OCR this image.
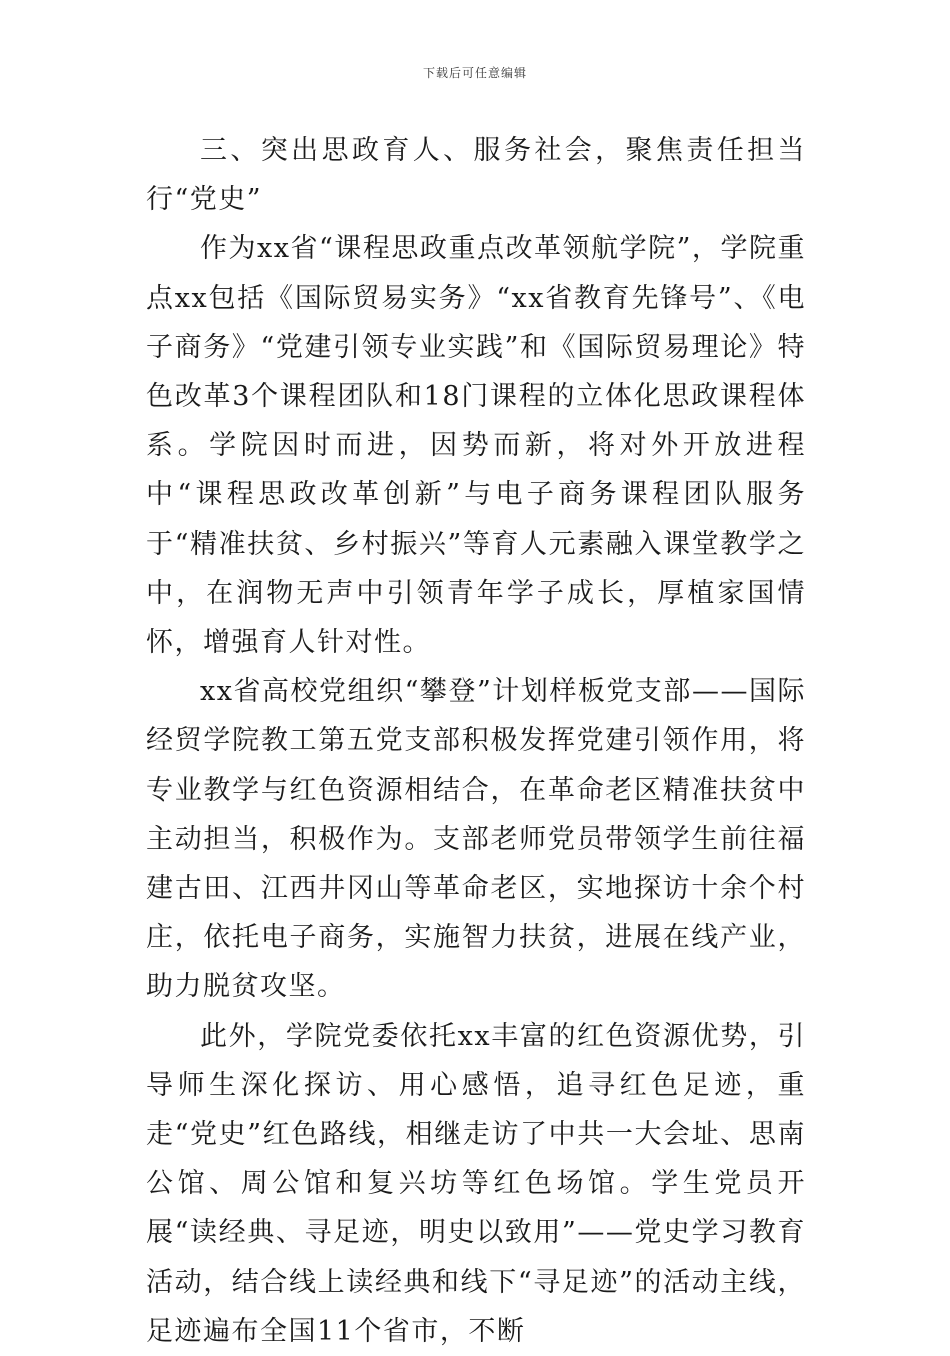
下载后可任意编辑

三、突出思政育人、服务社会，聚焦责任担当行“党史”

作为xx省“课程思政重点改革领航学院”，学院重点xx包括《国际贸易实务》“xx省教育先锋号”、《电子商务》“党建引领专业实践”和《国际贸易理论》特色改革3个课程团队和18门课程的立体化思政课程体系。学院因时而进，因势而新，将对外开放进程中“课程思政改革创新”与电子商务课程团队服务于“精准扶贫、乡村振兴”等育人元素融入课堂教学之中，在润物无声中引领青年学子成长，厚植家国情怀，增强育人针对性。

xx省高校党组织“攀登”计划样板党支部——国际经贸学院教工第五党支部积极发挥党建引领作用，将专业教学与红色资源相结合，在革命老区精准扶贫中主动担当，积极作为。支部老师党员带领学生前往福建古田、江西井冈山等革命老区，实地探访十余个村庄，依托电子商务，实施智力扶贫，进展在线产业，助力脱贫攻坚。

此外，学院党委依托xx丰富的红色资源优势，引导师生深化探访、用心感悟，追寻红色足迹，重走“党史”红色路线，相继走访了中共一大会址、思南公馆、周公馆和复兴坊等红色场馆。学生党员开展“读经典、寻足迹，明史以致用”——党史学习教育活动，结合线上读经典和线下“寻足迹”的活动主线，足迹遍布全国11个省市，不断
